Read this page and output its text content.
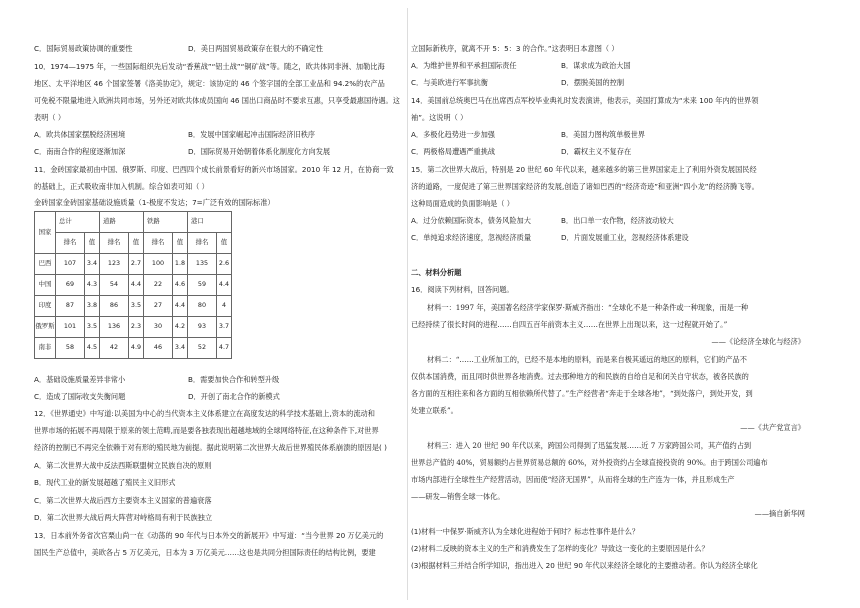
C．国际贸易政策协调的重要性	D．美日两国贸易政策存在很大的不确定性
10．1974—1975 年，一些国际组织先后发动“香蕉战”“铝土战”“铜矿战”等。随之，欧共体同非洲、加勒比海
地区、太平洋地区 46 个国家签署《洛美协定》，规定：该协定的 46 个签字国的全部工业品和 94.2%的农产品
可免税不限量地进入欧洲共同市场，另外还对欧共体成员国向 46 国出口商品时不要求互惠，只享受最惠国待遇。这
表明（ ）
A．欧共体国家摆脱经济困境	B．发展中国家崛起冲击国际经济旧秩序
C．南南合作的程度逐渐加深	D．国际贸易开始朝着体系化制度化方向发展
11．金砖国家最初由中国、俄罗斯、印度、巴西四个成长前景看好的新兴市场国家。2010 年 12 月，在协商一致
的基础上，正式吸收南非加入机制。综合如表可知（ ）
金砖国家金砖国家基础设施质量（1-极度不发达；7=广泛有效的国际标准）
国家	总计		道路		铁路		港口	
	排名	值	排名	值	排名	值	排名	值
巴西	107	3.4	123	2.7	100	1.8	135	2.6
中国	69	4.3	54	4.4	22	4.6	59	4.4
印度	87	3.8	86	3.5	27	4.4	80	4
俄罗斯	101	3.5	136	2.3	30	4.2	93	3.7
南非	58	4.5	42	4.9	46	3.4	52	4.7
A．基础设施质量差异非常小	B．需要加快合作和转型升级
C．造成了国际收支失衡问题	D．开创了南北合作的新模式
12．《世界通史》中写道:以美国为中心的当代资本主义体系建立在高度发达的科学技术基础上,资本的流动和
世界市场的拓展不再局限于原来的领土范畴,而是要各独表现出超越地域的全球网络特征,在这种条件下,对世界
经济的控制已不再完全依赖于对有形的殖民地为前提。据此说明第二次世界大战后世界殖民体系崩溃的原因是( )
A．第二次世界大战中反法西斯联盟树立民族自决的原则
B．现代工业的新发展超越了殖民主义旧形式
C．第二次世界大战后西方主要资本主义国家的普遍衰落
D．第二次世界大战后两大阵营对峙格局有利于民族独立
13．日本前外务省次官栗山尚一在《动荡的 90 年代与日本外交的新展开》中写道：“当今世界 20 万亿美元的
国民生产总值中，美欧各占 5 万亿美元，日本为 3 万亿美元……这也是共同分担国际责任的结构比例，要建
立国际新秩序，就离不开 5：5：3 的合作。”这表明日本意图（ ）
A．为维护世界和平承担国际责任	B．谋求成为政治大国
C．与美欧进行军事抗衡	D．摆脱美国的控制
14．美国前总统奥巴马在出席西点军校毕业典礼时发表演讲，他表示，美国打算成为“未来 100 年内的世界领
袖”。这说明（ ）
A．多极化趋势进一步加强	B．美国力图构筑单极世界
C．两极格局遭遇严重挑战	D．霸权主义不复存在
15．第二次世界大战后，特别是 20 世纪 60 年代以来，越来越多的第三世界国家走上了利用外资发展国民经
济的道路，一度促进了第三世界国家经济的发展,创造了诸如巴西的“经济奇迹”和亚洲“四小龙”的经济腾飞等。
这种局面造成的负面影响是（ ）
A．过分依赖国际资本，债务风险加大	B．出口单一农作物，经济波动较大
C．单纯追求经济速度，忽视经济质量	D．片面发展重工业，忽视经济体系建设
二、材料分析题
16．阅读下列材料，回答问题。
材料一：1997 年，美国著名经济学家保罗·斯威齐指出：“全球化不是一种条件或一种现象，而是一种
已经持续了很长时间的进程……自四五百年前资本主义……在世界上出现以来，这一过程就开始了。”
——《论经济全球化与经济》
材料二：“……工业所加工的，已经不是本地的原料，而是来自极其遥远的地区的原料，它们的产品不
仅供本国消费，而且同时供世界各地消费。过去那种地方的和民族的自给自足和闭关自守状态，被各民族的
各方面的互相往来和各方面的互相依赖所代替了。”生产经营者“奔走于全球各地”，“到处落户，到处开发，到
处建立联系”。
——《共产党宣言》
材料三：进入 20 世纪 90 年代以来，跨国公司得到了迅猛发展……近 7 万家跨国公司，其产值约占到
世界总产值的 40%，贸易额约占世界贸易总额的 60%，对外投资约占全球直接投资的 90%。由于跨国公司遍布
市场内部进行全球性生产经营活动，因而使“经济无国界”，从而将全球的生产连为一体，并且形成生产
——研发—销售全球一体化。
——摘自新华网
(1)材料一中保罗·斯威齐认为全球化进程始于何时？标志性事件是什么？
(2)材料二反映的资本主义的生产和消费发生了怎样的变化？导致这一变化的主要原因是什么？
(3)根据材料三并结合所学知识，指出进入 20 世纪 90 年代以来经济全球化的主要推动者。你认为经济全球化
